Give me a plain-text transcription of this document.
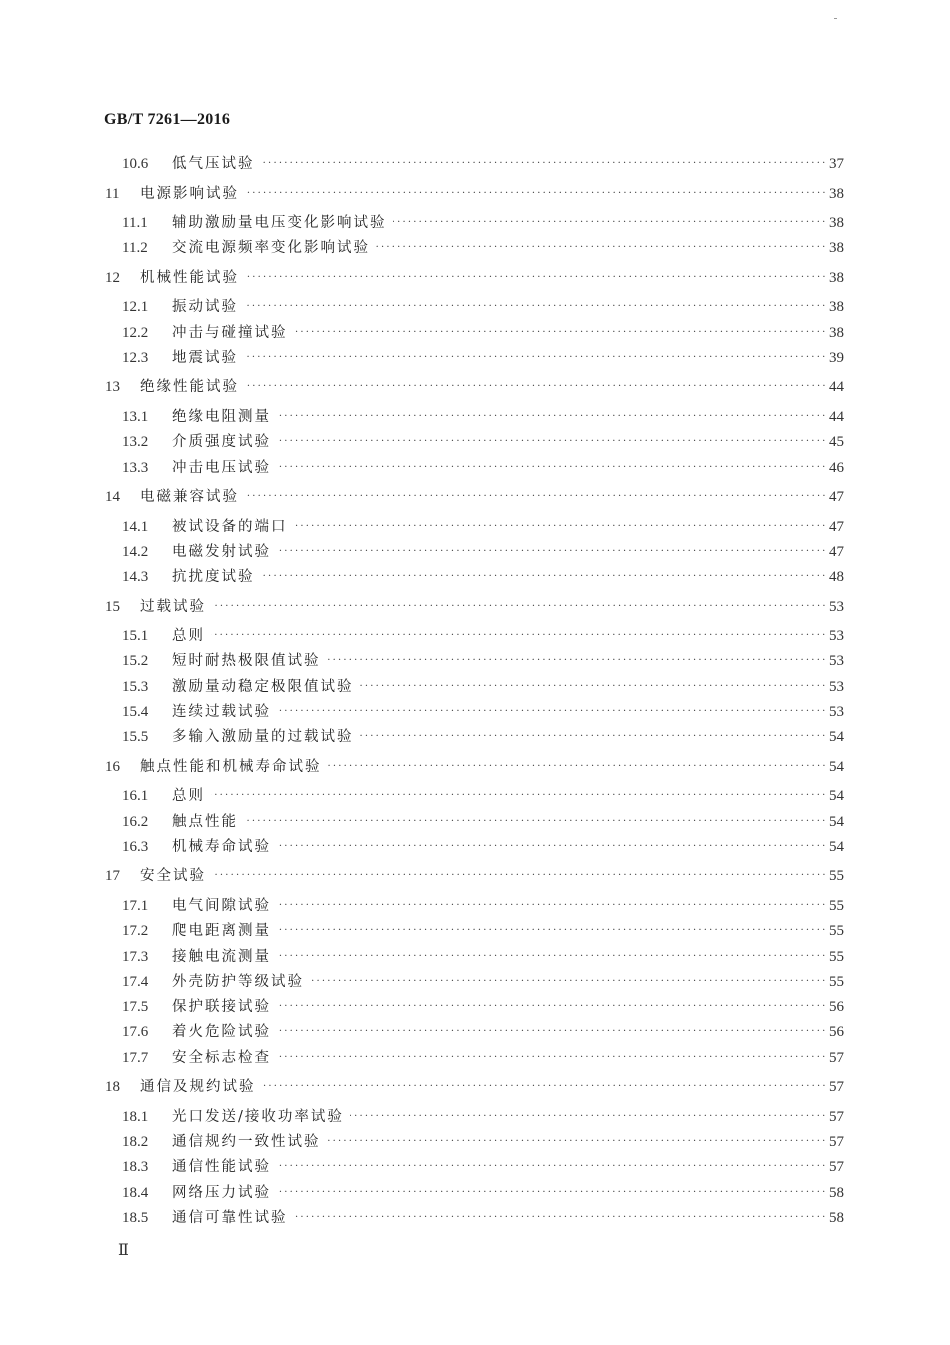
GB/T 7261—2016
·····
10.6 低气压试验	37
·····
11 电源影响试验	38
·····
11.1 辅助激励量电压变化影响试验	38
·····
11.2 交流电源频率变化影响试验	38
·····
12 机械性能试验	38
·····
12.1 振动试验	38
·····
12.2 冲击与碰撞试验	38
·····
12.3 地震试验	39
·····
13 绝缘性能试验	44
·····
13.1 绝缘电阻测量	44
·····
13.2 介质强度试验	45
·····
13.3 冲击电压试验	46
·····
14 电磁兼容试验	47
·····
14.1 被试设备的端口	47
·····
14.2 电磁发射试验	47
·····
14.3 抗扰度试验	48
·····
15 过载试验	53
·····
15.1 总则	53
·····
15.2 短时耐热极限值试验	53
·····
15.3 激励量动稳定极限值试验	53
·····
15.4 连续过载试验	53
·····
15.5 多输入激励量的过载试验	54
·····
16 触点性能和机械寿命试验	54
·····
16.1 总则	54
·····
16.2 触点性能	54
·····
16.3 机械寿命试验	54
·····
17 安全试验	55
·····
17.1 电气间隙试验	55
·····
17.2 爬电距离测量	55
·····
17.3 接触电流测量	55
·····
17.4 外壳防护等级试验	55
·····
17.5 保护联接试验	56
·····
17.6 着火危险试验	56
·····
17.7 安全标志检查	57
·····
18 通信及规约试验	57
·····
18.1 光口发送/接收功率试验	57
·····
18.2 通信规约一致性试验	57
·····
18.3 通信性能试验	57
·····
18.4 网络压力试验	58
·····
18.5 通信可靠性试验	58
Ⅱ
